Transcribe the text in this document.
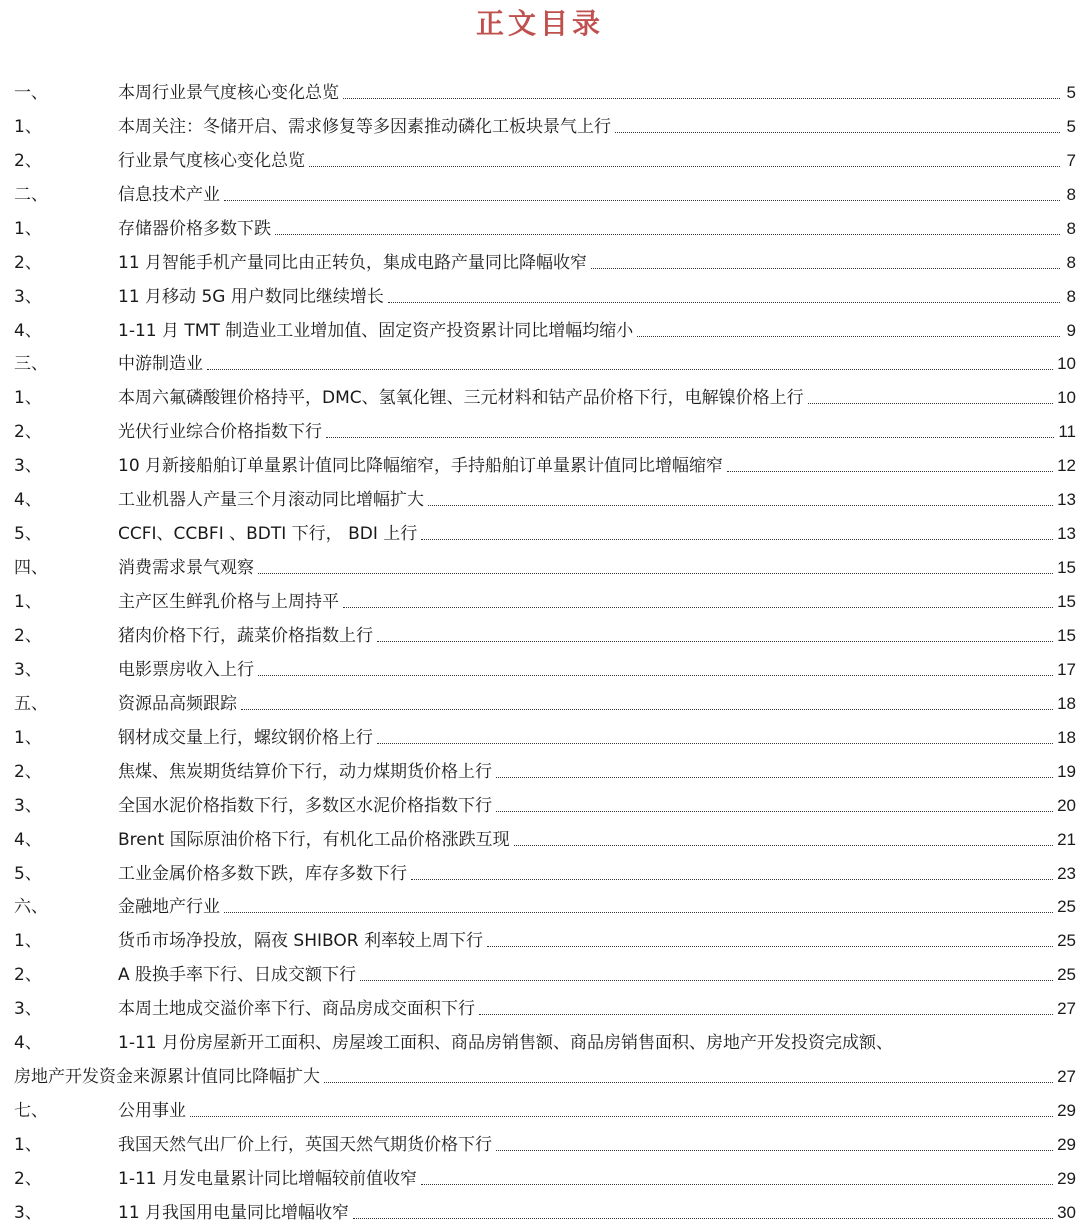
正文目录
一、	本周行业景气度核心变化总览	5
1、	本周关注：冬储开启、需求修复等多因素推动磷化工板块景气上行	5
2、	行业景气度核心变化总览	7
二、	信息技术产业	8
1、	存储器价格多数下跌	8
2、	11 月智能手机产量同比由正转负，集成电路产量同比降幅收窄	8
3、	11 月移动 5G 用户数同比继续增长	8
4、	1-11 月 TMT 制造业工业增加值、固定资产投资累计同比增幅均缩小	9
三、	中游制造业	10
1、	本周六氟磷酸锂价格持平，DMC、氢氧化锂、三元材料和钴产品价格下行，电解镍价格上行	10
2、	光伏行业综合价格指数下行	11
3、	10 月新接船舶订单量累计值同比降幅缩窄，手持船舶订单量累计值同比增幅缩窄	12
4、	工业机器人产量三个月滚动同比增幅扩大	13
5、	CCFI、CCBFI 、BDTI 下行， BDI 上行	13
四、	消费需求景气观察	15
1、	主产区生鲜乳价格与上周持平	15
2、	猪肉价格下行，蔬菜价格指数上行	15
3、	电影票房收入上行	17
五、	资源品高频跟踪	18
1、	钢材成交量上行，螺纹钢价格上行	18
2、	焦煤、焦炭期货结算价下行，动力煤期货价格上行	19
3、	全国水泥价格指数下行，多数区水泥价格指数下行	20
4、	Brent 国际原油价格下行，有机化工品价格涨跌互现	21
5、	工业金属价格多数下跌，库存多数下行	23
六、	金融地产行业	25
1、	货币市场净投放，隔夜 SHIBOR 利率较上周下行	25
2、	A 股换手率下行、日成交额下行	25
3、	本周土地成交溢价率下行、商品房成交面积下行	27
4、	1-11 月份房屋新开工面积、房屋竣工面积、商品房销售额、商品房销售面积、房地产开发投资完成额、
房地产开发资金来源累计值同比降幅扩大	27
七、	公用事业	29
1、	我国天然气出厂价上行，英国天然气期货价格下行	29
2、	1-11 月发电量累计同比增幅较前值收窄	29
3、	11 月我国用电量同比增幅收窄	30
